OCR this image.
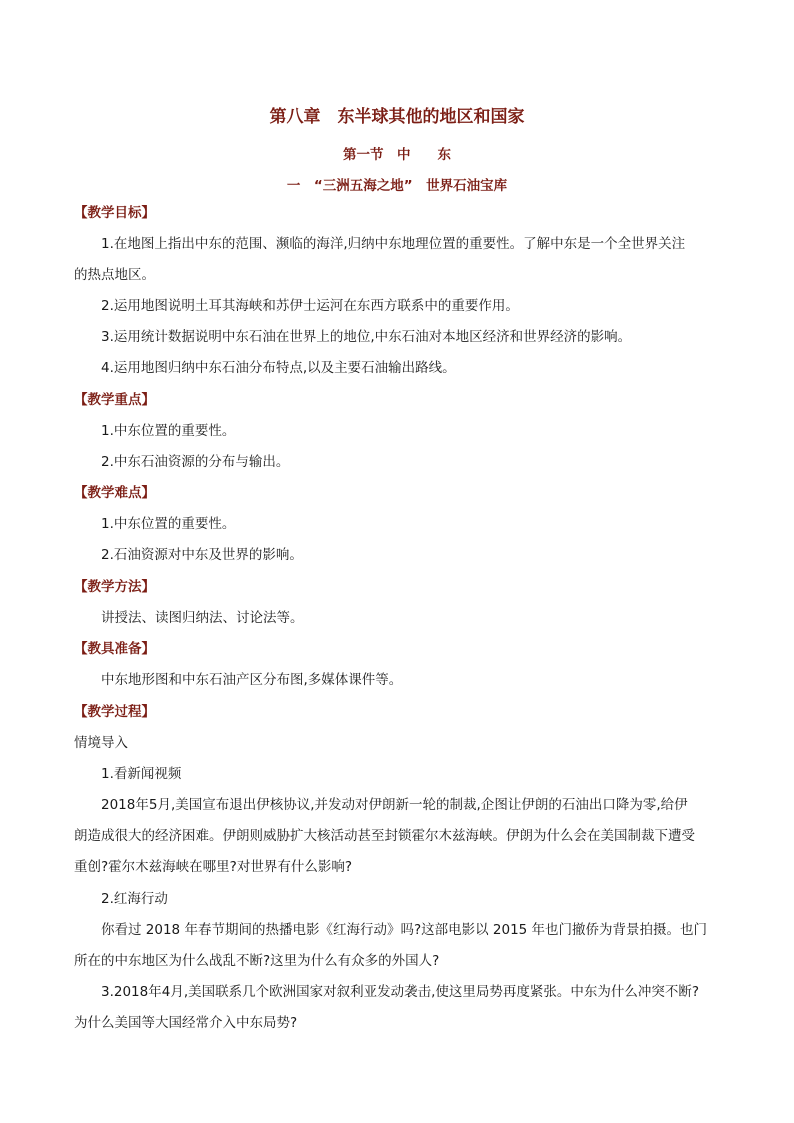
第八章　东半球其他的地区和国家
第一节　中　　东
一　“三洲五海之地”　世界石油宝库
【教学目标】
1.在地图上指出中东的范围、濒临的海洋,归纳中东地理位置的重要性。了解中东是一个全世界关注
的热点地区。
2.运用地图说明土耳其海峡和苏伊士运河在东西方联系中的重要作用。
3.运用统计数据说明中东石油在世界上的地位,中东石油对本地区经济和世界经济的影响。
4.运用地图归纳中东石油分布特点,以及主要石油输出路线。
【教学重点】
1.中东位置的重要性。
2.中东石油资源的分布与输出。
【教学难点】
1.中东位置的重要性。
2.石油资源对中东及世界的影响。
【教学方法】
讲授法、读图归纳法、讨论法等。
【教具准备】
中东地形图和中东石油产区分布图,多媒体课件等。
【教学过程】
情境导入
1.看新闻视频
2018年5月,美国宣布退出伊核协议,并发动对伊朗新一轮的制裁,企图让伊朗的石油出口降为零,给伊
朗造成很大的经济困难。伊朗则威胁扩大核活动甚至封锁霍尔木兹海峡。伊朗为什么会在美国制裁下遭受
重创?霍尔木兹海峡在哪里?对世界有什么影响?
2.红海行动
你看过 2018 年春节期间的热播电影《红海行动》吗?这部电影以 2015 年也门撤侨为背景拍摄。也门
所在的中东地区为什么战乱不断?这里为什么有众多的外国人?
3.2018年4月,美国联系几个欧洲国家对叙利亚发动袭击,使这里局势再度紧张。中东为什么冲突不断?
为什么美国等大国经常介入中东局势?
